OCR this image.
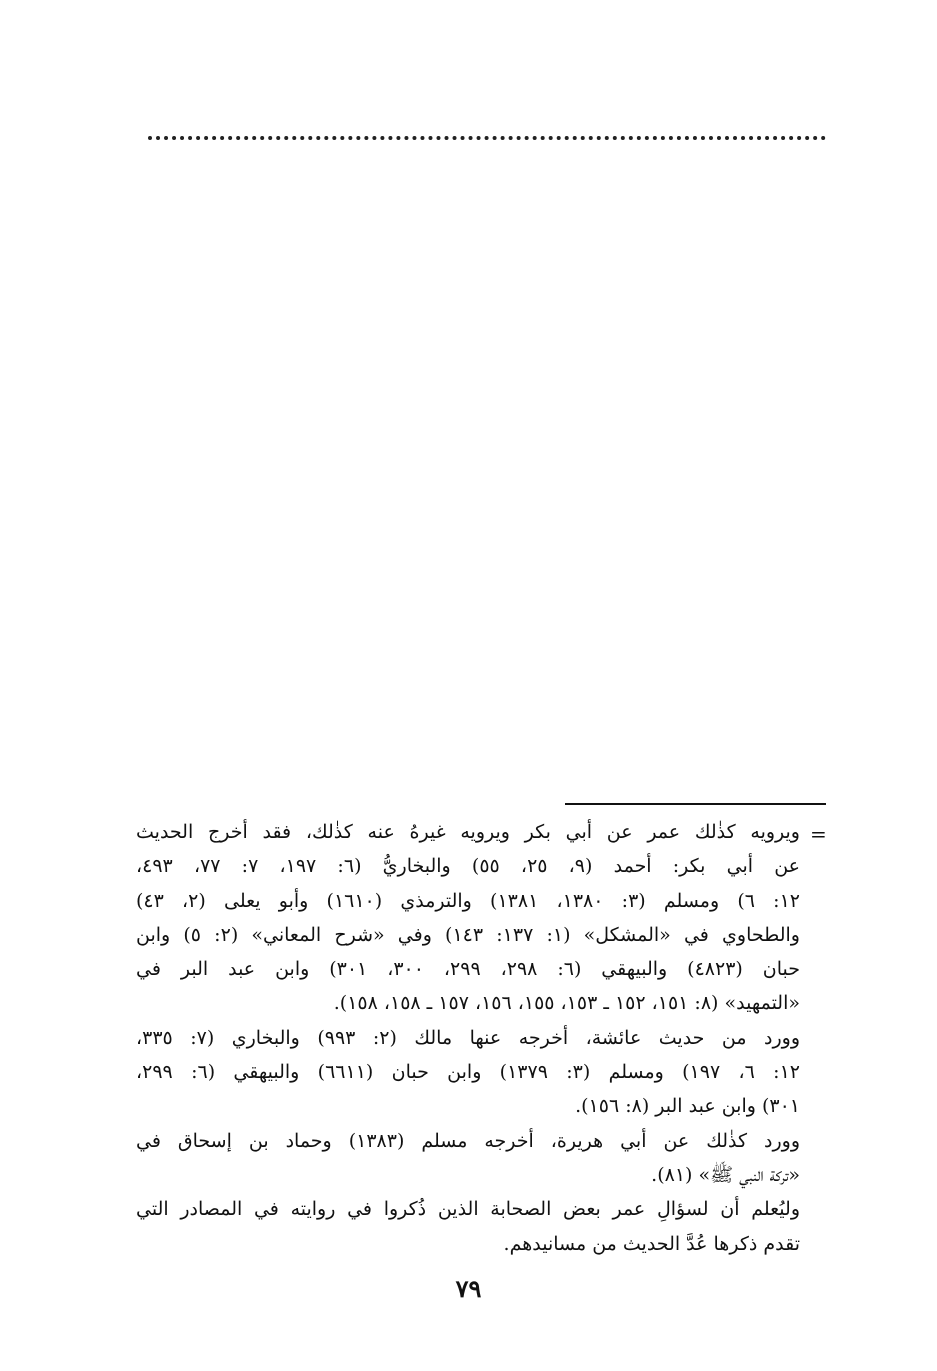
=
ويرويه كذٰلك عمر عن أبي بكر ويرويه غيرهُ عنه كذٰلك، فقد أخرج الحديث
عن أبي بكر: أحمد (٩، ٢٥، ٥٥) والبخاريُّ (٦: ١٩٧، ٧: ٧٧، ٤٩٣،
١٢: ٦) ومسلم (٣: ١٣٨٠، ١٣٨١) والترمذي (١٦١٠) وأبو يعلى (٢، ٤٣)
والطحاوي في «المشكل» (١: ١٣٧: ١٤٣) وفي «شرح المعاني» (٢: ٥) وابن
حبان (٤٨٢٣) والبيهقي (٦: ٢٩٨، ٢٩٩، ٣٠٠، ٣٠١) وابن عبد البر في
«التمهيد» (٨: ١٥١، ١٥٢ ـ ١٥٣، ١٥٥، ١٥٦، ١٥٧ ـ ١٥٨، ١٥٨).
وورد من حديث عائشة، أخرجه عنها مالك (٢: ٩٩٣) والبخاري (٧: ٣٣٥،
١٢: ٦، ١٩٧) ومسلم (٣: ١٣٧٩) وابن حبان (٦٦١١) والبيهقي (٦: ٢٩٩،
٣٠١) وابن عبد البر (٨: ١٥٦).
وورد كذٰلك عن أبي هريرة، أخرجه مسلم (١٣٨٣) وحماد بن إسحاق في
«تركة النبي ﷺ» (٨١).
وليُعلم أن لسؤالِ عمر بعض الصحابة الذين ذُكروا في روايته في المصادر التي
تقدم ذكرها عُدَّ الحديث من مسانيدهم.
٧٩
